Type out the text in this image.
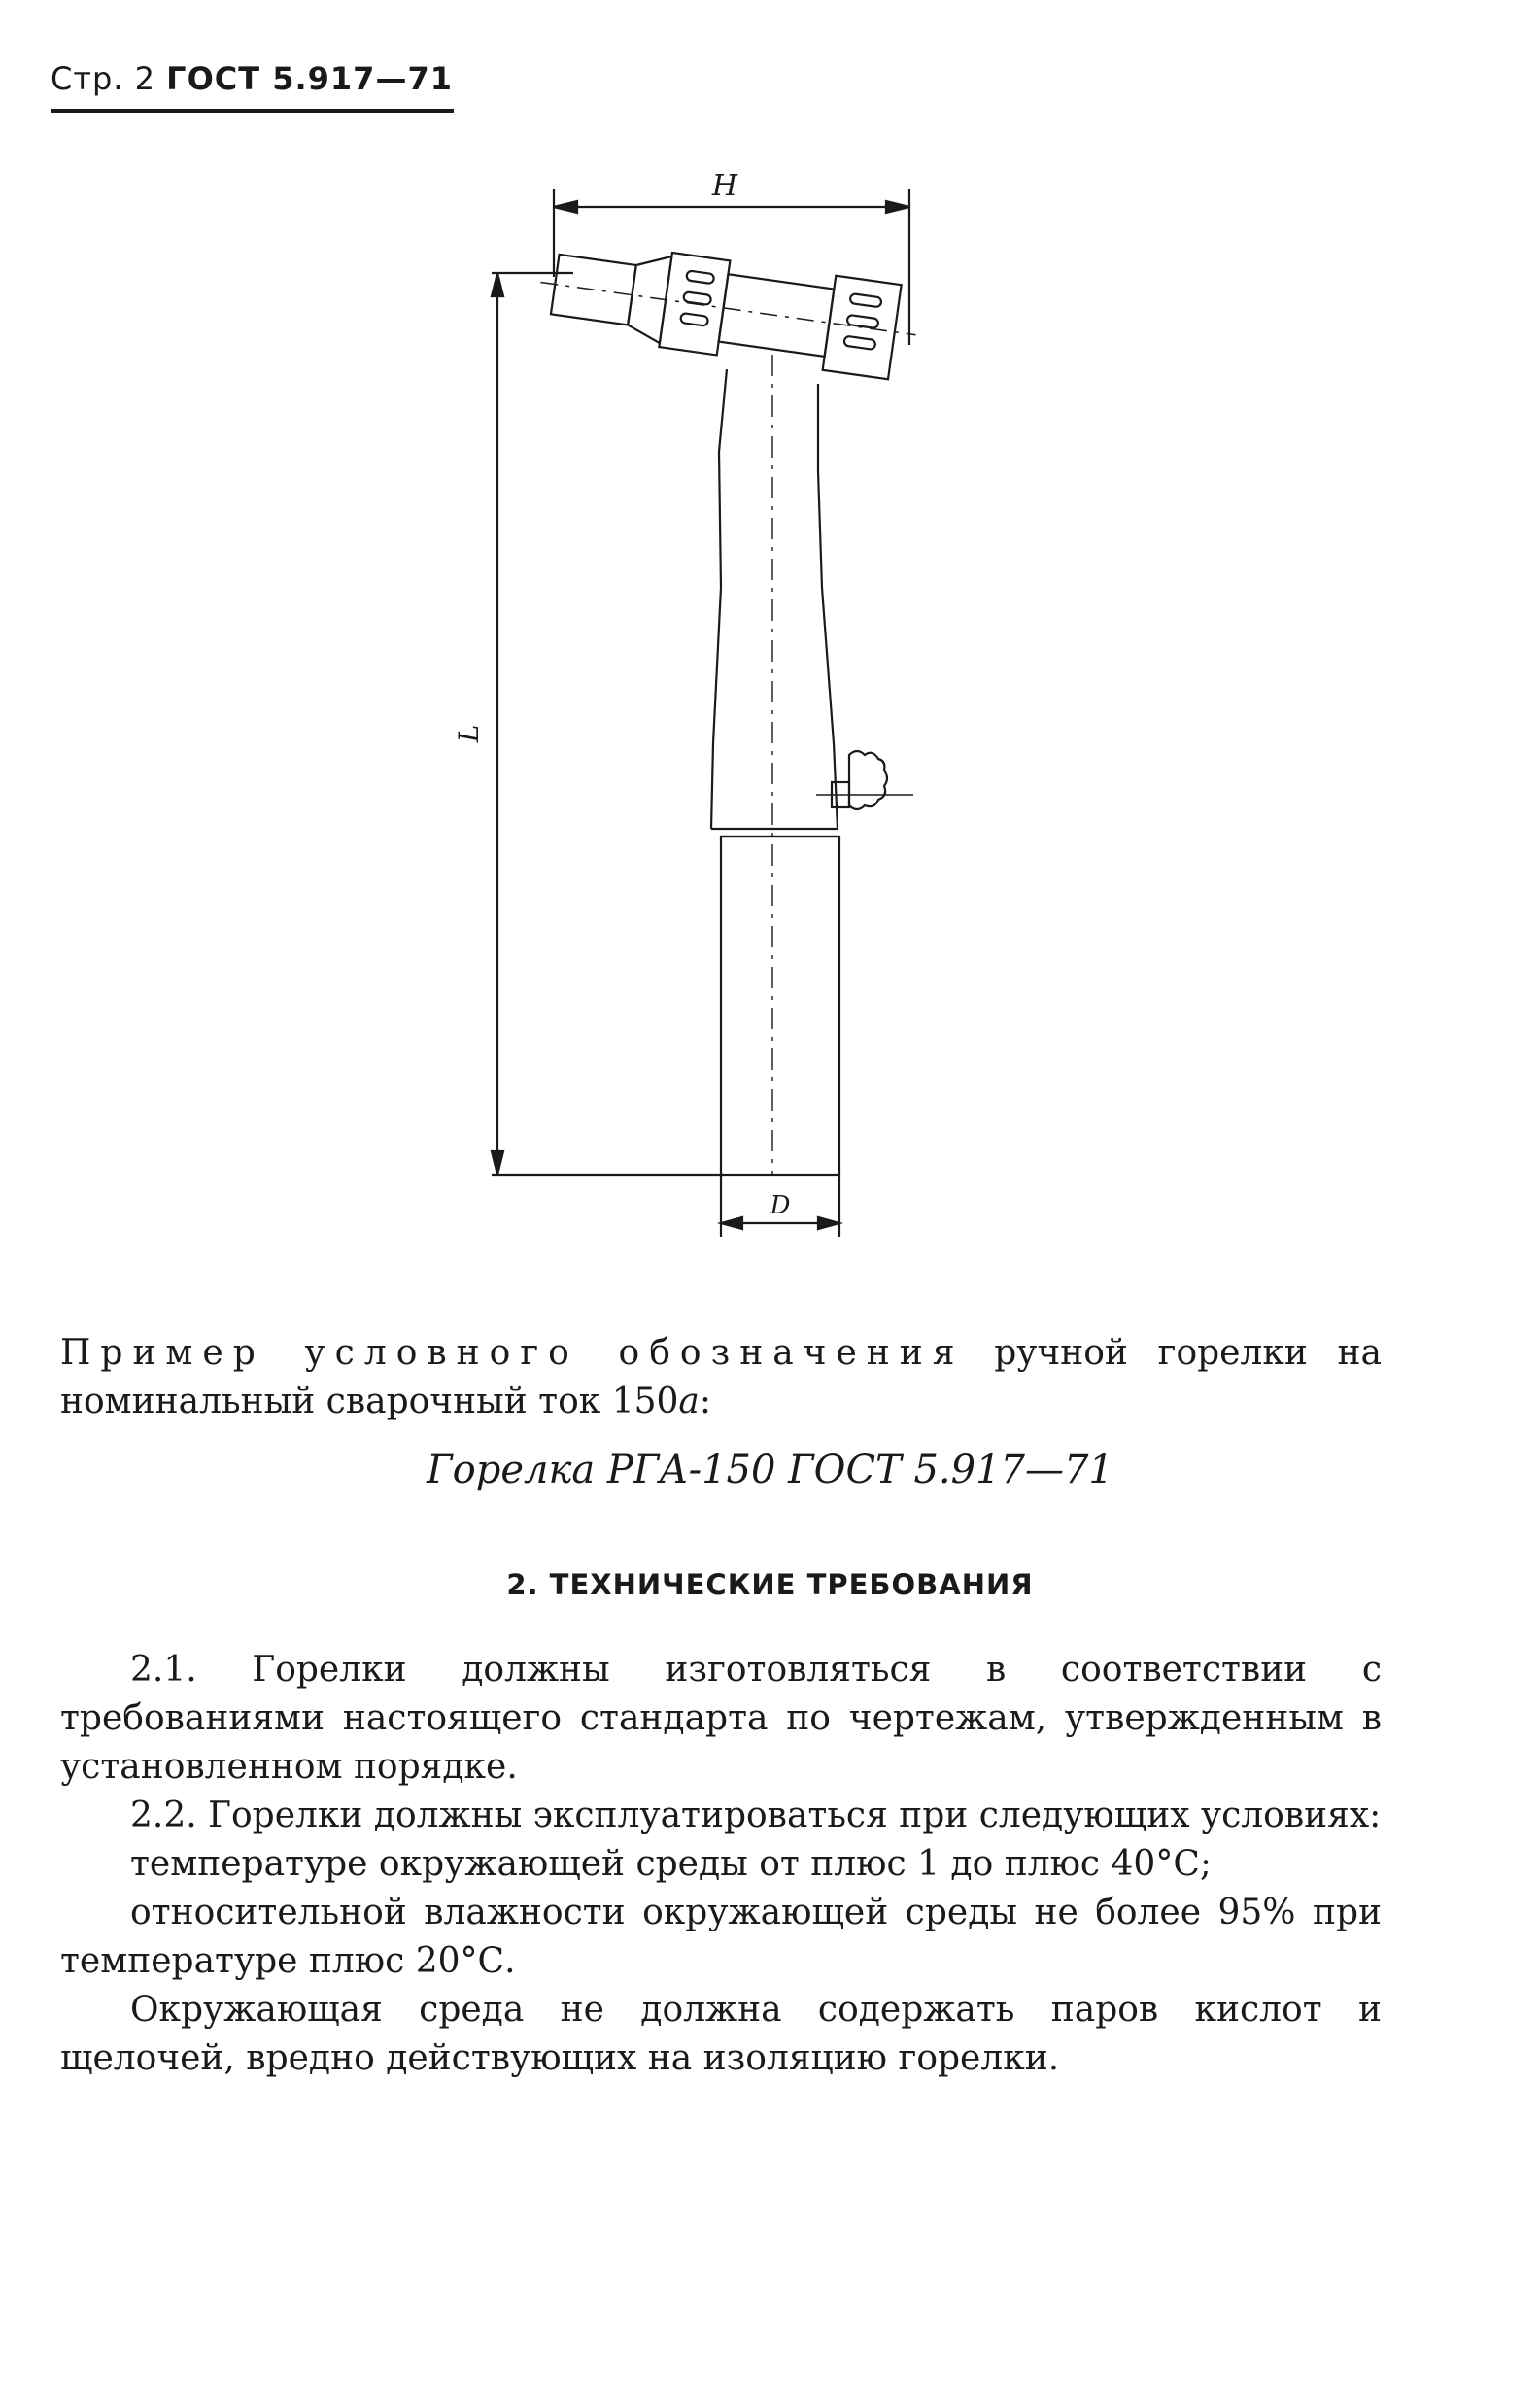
Стр. 2 ГОСТ 5.917—71
H
L
D
Пример условного обозначения ручной горелки на номинальный сварочный ток 150а:
Горелка РГА-150 ГОСТ 5.917—71
2. ТЕХНИЧЕСКИЕ ТРЕБОВАНИЯ

2.1. Горелки должны изготовляться в соответствии с требованиями настоящего стандарта по чертежам, утвержденным в установленном порядке.

2.2. Горелки должны эксплуатироваться при следующих условиях:

температуре окружающей среды от плюс 1 до плюс 40°С;

относительной влажности окружающей среды не более 95% при температуре плюс 20°С.

Окружающая среда не должна содержать паров кислот и щелочей, вредно действующих на изоляцию горелки.
